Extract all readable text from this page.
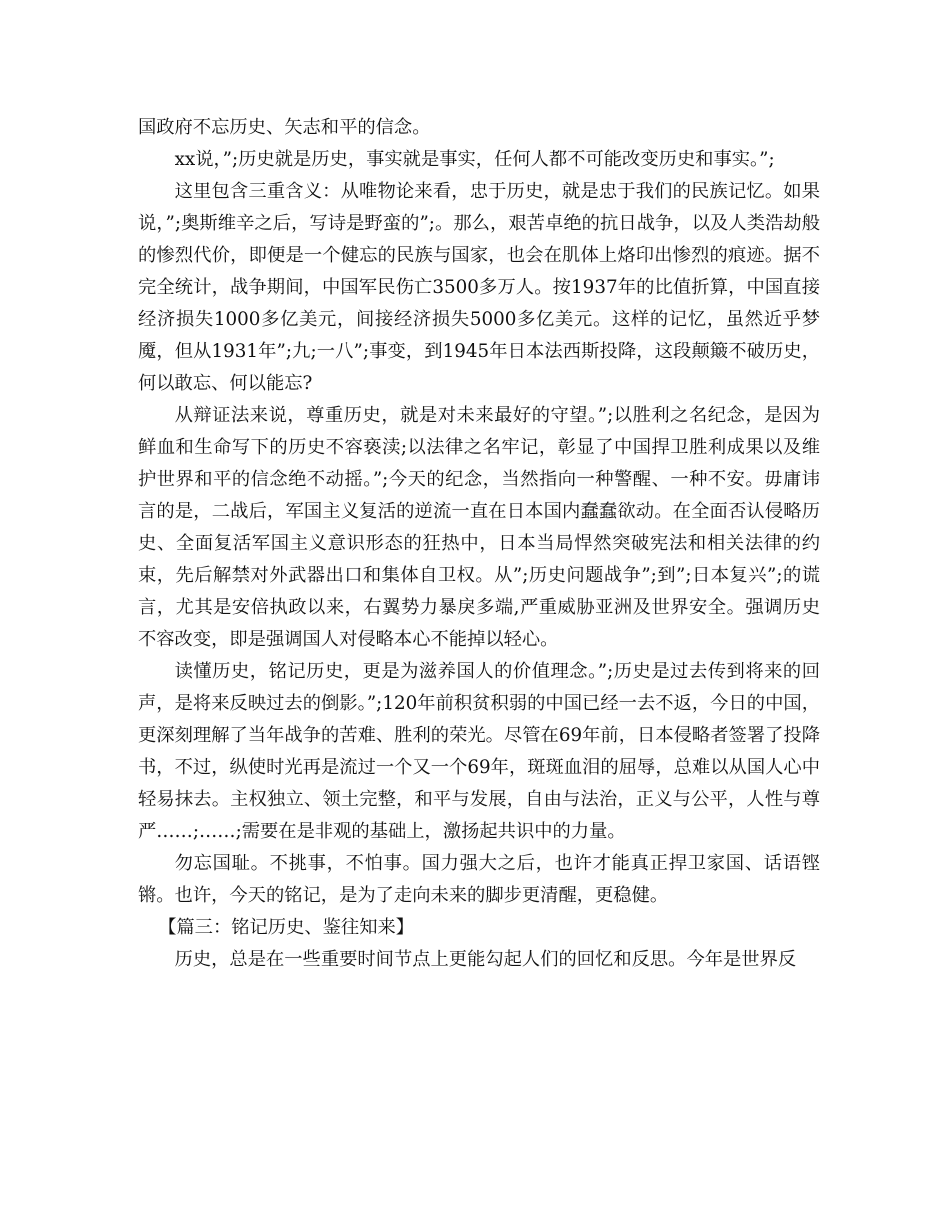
国政府不忘历史、矢志和平的信念。

xx说，”;历史就是历史，事实就是事实，任何人都不可能改变历史和事实。”;

这里包含三重含义：从唯物论来看，忠于历史，就是忠于我们的民族记忆。如果说，”;奥斯维辛之后，写诗是野蛮的”;。那么，艰苦卓绝的抗日战争，以及人类浩劫般的惨烈代价，即便是一个健忘的民族与国家，也会在肌体上烙印出惨烈的痕迹。据不完全统计，战争期间，中国军民伤亡3500多万人。按1937年的比值折算，中国直接经济损失1000多亿美元，间接经济损失5000多亿美元。这样的记忆，虽然近乎梦魇，但从1931年”;九;一八”;事变，到1945年日本法西斯投降，这段颠簸不破历史，何以敢忘、何以能忘?

从辩证法来说，尊重历史，就是对未来最好的守望。”;以胜利之名纪念，是因为鲜血和生命写下的历史不容亵渎;以法律之名牢记，彰显了中国捍卫胜利成果以及维护世界和平的信念绝不动摇。”;今天的纪念，当然指向一种警醒、一种不安。毋庸讳言的是，二战后，军国主义复活的逆流一直在日本国内蠢蠢欲动。在全面否认侵略历史、全面复活军国主义意识形态的狂热中，日本当局悍然突破宪法和相关法律的约束，先后解禁对外武器出口和集体自卫权。从”;历史问题战争”;到”;日本复兴”;的谎言，尤其是安倍执政以来，右翼势力暴戾多端,严重威胁亚洲及世界安全。强调历史不容改变，即是强调国人对侵略本心不能掉以轻心。

读懂历史，铭记历史，更是为滋养国人的价值理念。”;历史是过去传到将来的回声，是将来反映过去的倒影。”;120年前积贫积弱的中国已经一去不返，今日的中国，更深刻理解了当年战争的苦难、胜利的荣光。尽管在69年前，日本侵略者签署了投降书，不过，纵使时光再是流过一个又一个69年，斑斑血泪的屈辱，总难以从国人心中轻易抹去。主权独立、领土完整，和平与发展，自由与法治，正义与公平，人性与尊严……;……;需要在是非观的基础上，激扬起共识中的力量。

勿忘国耻。不挑事，不怕事。国力强大之后，也许才能真正捍卫家国、话语铿锵。也许，今天的铭记，是为了走向未来的脚步更清醒，更稳健。

【篇三：铭记历史、鉴往知来】

历史，总是在一些重要时间节点上更能勾起人们的回忆和反思。今年是世界反
